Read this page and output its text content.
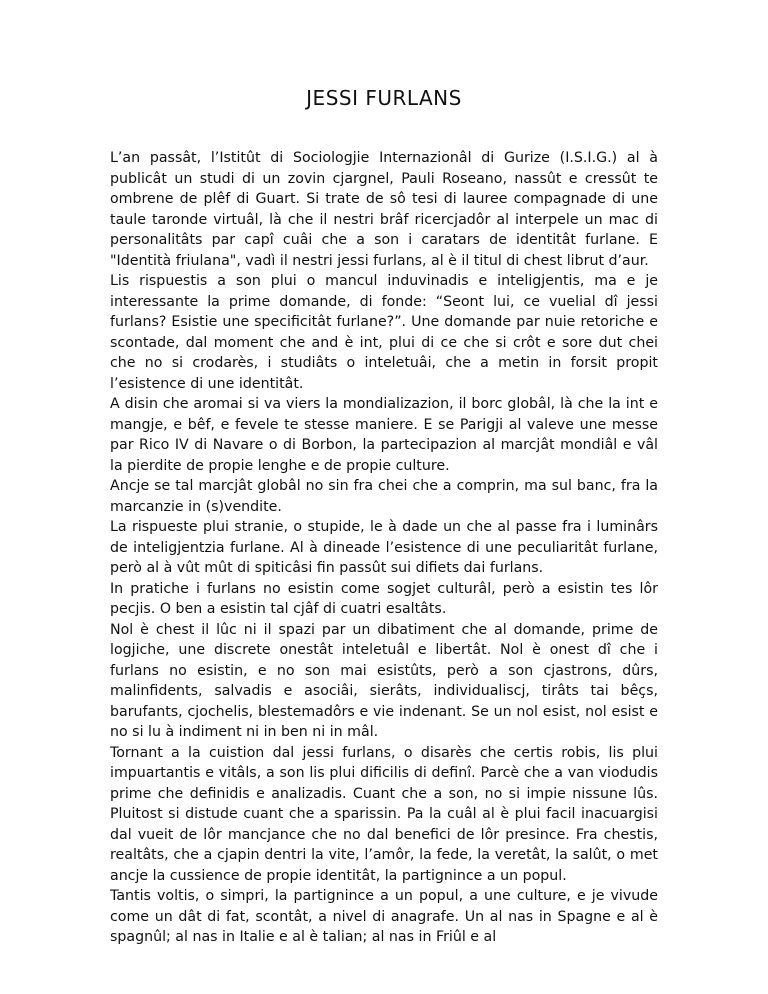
JESSI FURLANS

L’an passât, l’Istitût di Sociologjie Internazionâl di Gurize (I.S.I.G.) al à publicât un studi di un zovin cjargnel, Pauli Roseano, nassût e cressût te ombrene de plêf di Guart. Si trate de sô tesi di lauree compagnade di une taule taronde virtuâl, là che il nestri brâf ricercjadôr al interpele un mac di personalitâts par capî cuâi che a son i caratars de identitât furlane. E "Identità friulana", vadì il nestri jessi furlans, al è il titul di chest librut d’aur.

Lis rispuestis a son plui o mancul induvinadis e inteligjentis, ma e je interessante la prime domande, di fonde: “Seont lui, ce vuelial dî jessi furlans? Esistie une specificitât furlane?”. Une domande par nuie retoriche e scontade, dal moment che and è int, plui di ce che si crôt e sore dut chei che no si crodarès, i studiâts o inteletuâi, che a metin in forsit propit l’esistence di une identitât.

A disin che aromai si va viers la mondializazion, il borc globâl, là che la int e mangje, e bêf, e fevele te stesse maniere. E se Parigji al valeve une messe par Rico IV di Navare o di Borbon, la partecipazion al marcjât mondiâl e vâl la pierdite de propie lenghe e de propie culture.

Ancje se tal marcjât globâl no sin fra chei che a comprin, ma sul banc, fra la marcanzie in (s)vendite.

La rispueste plui stranie, o stupide, le à dade un che al passe fra i luminârs de inteligjentzia furlane. Al à dineade l’esistence di une peculiaritât furlane, però al à vût mût di spiticâsi fin passût sui difiets dai furlans.

In pratiche i furlans no esistin come sogjet culturâl, però a esistin tes lôr pecjis. O ben a esistin tal cjâf di cuatri esaltâts.

Nol è chest il lûc ni il spazi par un dibatiment che al domande, prime de logjiche, une discrete onestât inteletuâl e libertât. Nol è onest dî che i furlans no esistin, e no son mai esistûts, però a son cjastrons, dûrs, malinfidents, salvadis e asociâi, sierâts, individualiscj, tirâts tai bêçs, barufants, cjochelis, blestemadôrs e vie indenant. Se un nol esist, nol esist e no si lu à indiment ni in ben ni in mâl.

Tornant a la cuistion dal jessi furlans, o disarès che certis robis, lis plui impuartantis e vitâls, a son lis plui dificilis di definî. Parcè che a van viodudis prime che definidis e analizadis. Cuant che a son, no si impie nissune lûs. Pluitost si distude cuant che a sparissin. Pa la cuâl al è plui facil inacuargisi dal vueit de lôr mancjance che no dal benefici de lôr presince. Fra chestis, realtâts, che a cjapin dentri la vite, l’amôr, la fede, la veretât, la salût, o met ancje la cussience de propie identitât, la partignince a un popul.

Tantis voltis, o simpri, la partignince a un popul, a une culture, e je vivude come un dât di fat, scontât, a nivel di anagrafe. Un al nas in Spagne e al è spagnûl; al nas in Italie e al è talian; al nas in Friûl e al
